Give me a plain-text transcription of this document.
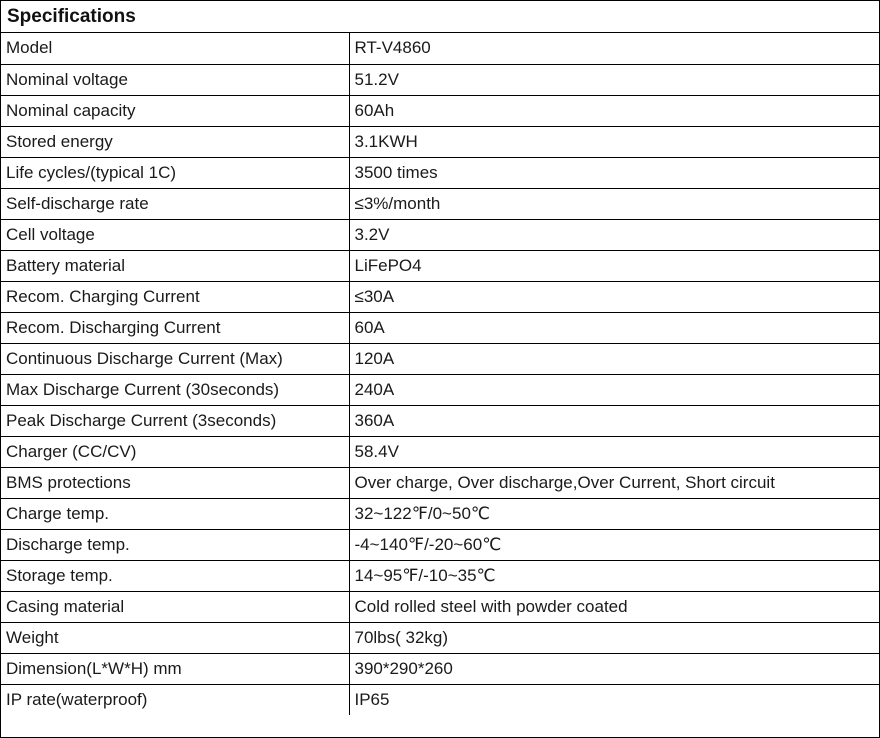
Specifications
Model	RT-V4860
Nominal voltage	51.2V
Nominal capacity	60Ah
Stored energy	3.1KWH
Life cycles/(typical 1C)	3500 times
Self-discharge rate	≤3%/month
Cell voltage	3.2V
Battery material	LiFePO4
Recom. Charging Current	≤30A
Recom. Discharging Current	60A
Continuous Discharge Current (Max)	120A
Max Discharge Current (30seconds)	240A
Peak Discharge Current (3seconds)	360A
Charger (CC/CV)	58.4V
BMS protections	Over charge, Over discharge,Over Current, Short circuit
Charge temp.	32~122℉/0~50℃
Discharge temp.	-4~140℉/-20~60℃
Storage temp.	14~95℉/-10~35℃
Casing material	Cold rolled steel with powder coated
Weight	70lbs( 32kg)
Dimension(L*W*H) mm	390*290*260
IP rate(waterproof)	IP65
